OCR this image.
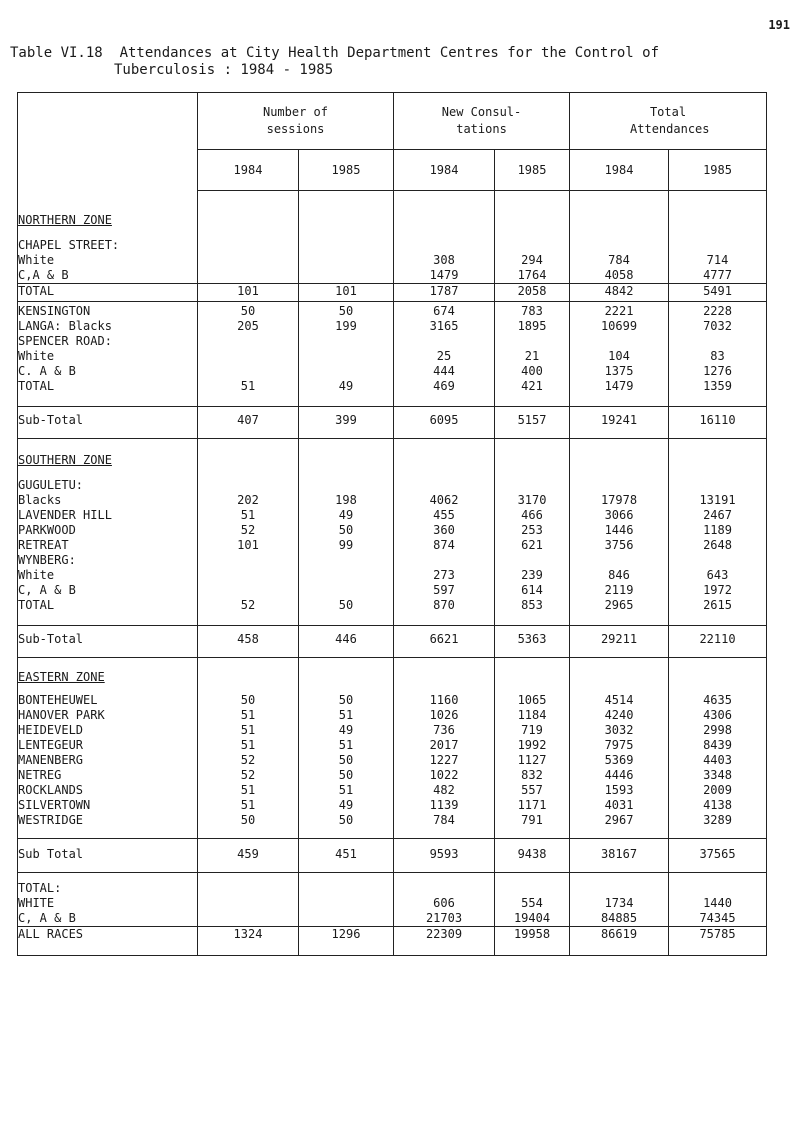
191
Table VI.18  Attendances at City Health Department Centres for the Control of
Tuberculosis : 1984 - 1985
	Number of sessions		New Consul- tations		Total Attendances	
	1984	1985	1984	1985	1984	1985
NORTHERN ZONE						
CHAPEL STREET:						
White			308	294	784	714
C,A & B			1479	1764	4058	4777
TOTAL	101	101	1787	2058	4842	5491
KENSINGTON	50	50	674	783	2221	2228
LANGA: Blacks	205	199	3165	1895	10699	7032
SPENCER ROAD:						
White			25	21	104	83
C. A & B			444	400	1375	1276
TOTAL	51	49	469	421	1479	1359
Sub-Total	407	399	6095	5157	19241	16110
SOUTHERN ZONE						
GUGULETU:						
Blacks	202	198	4062	3170	17978	13191
LAVENDER HILL	51	49	455	466	3066	2467
PARKWOOD	52	50	360	253	1446	1189
RETREAT	101	99	874	621	3756	2648
WYNBERG:						
White			273	239	846	643
C, A & B			597	614	2119	1972
TOTAL	52	50	870	853	2965	2615
Sub-Total	458	446	6621	5363	29211	22110
EASTERN ZONE						
BONTEHEUWEL	50	50	1160	1065	4514	4635
HANOVER PARK	51	51	1026	1184	4240	4306
HEIDEVELD	51	49	736	719	3032	2998
LENTEGEUR	51	51	2017	1992	7975	8439
MANENBERG	52	50	1227	1127	5369	4403
NETREG	52	50	1022	832	4446	3348
ROCKLANDS	51	51	482	557	1593	2009
SILVERTOWN	51	49	1139	1171	4031	4138
WESTRIDGE	50	50	784	791	2967	3289
Sub Total	459	451	9593	9438	38167	37565
TOTAL:						
WHITE			606	554	1734	1440
C, A & B			21703	19404	84885	74345
ALL RACES	1324	1296	22309	19958	86619	75785
